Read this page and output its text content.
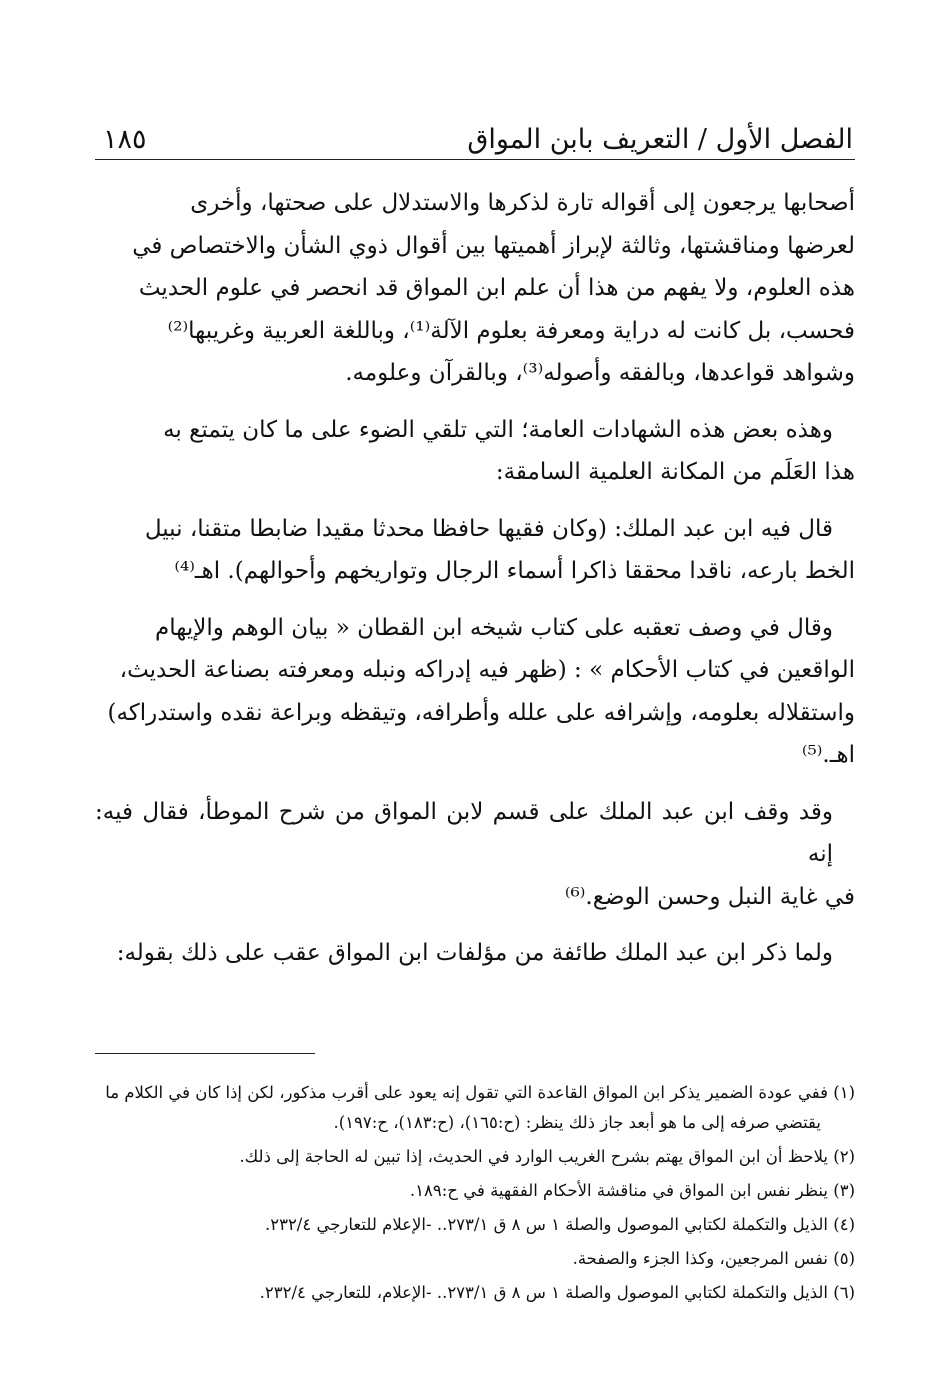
الفصل الأول / التعريف بابن المواق
١٨٥

أصحابها يرجعون إلى أقواله تارة لذكرها والاستدلال على صحتها، وأخرى
لعرضها ومناقشتها، وثالثة لإبراز أهميتها بين أقوال ذوي الشأن والاختصاص في
هذه العلوم، ولا يفهم من هذا أن علم ابن المواق قد انحصر في علوم الحديث
فحسب، بل كانت له دراية ومعرفة بعلوم الآلة⁽¹⁾، وباللغة العربية وغريبها⁽²⁾
وشواهد قواعدها، وبالفقه وأصوله⁽³⁾، وبالقرآن وعلومه.

وهذه بعض هذه الشهادات العامة؛ التي تلقي الضوء على ما كان يتمتع به
هذا العَلَم من المكانة العلمية السامقة:

قال فيه ابن عبد الملك: (وكان فقيها حافظا محدثا مقيدا ضابطا متقنا، نبيل
الخط بارعه، ناقدا محققا ذاكرا أسماء الرجال وتواريخهم وأحوالهم). اهـ⁽⁴⁾

وقال في وصف تعقبه على كتاب شيخه ابن القطان « بيان الوهم والإيهام
الواقعين في كتاب الأحكام » : (ظهر فيه إدراكه ونبله ومعرفته بصناعة الحديث،
واستقلاله بعلومه، وإشرافه على علله وأطرافه، وتيقظه وبراعة نقده واستدراكه)
اهـ.⁽⁵⁾

وقد وقف ابن عبد الملك على قسم لابن المواق من شرح الموطأ، فقال فيه: إنه
في غاية النبل وحسن الوضع.⁽⁶⁾

ولما ذكر ابن عبد الملك طائفة من مؤلفات ابن المواق عقب على ذلك بقوله:

(١) ففي عودة الضمير يذكر ابن المواق القاعدة التي تقول إنه يعود على أقرب مذكور، لكن إذا كان في الكلام ما
يقتضي صرفه إلى ما هو أبعد جاز ذلك ينظر: (ح:١٦٥)، (ح:١٨٣)، ح:١٩٧).

(٢) يلاحظ أن ابن المواق يهتم بشرح الغريب الوارد في الحديث، إذا تبين له الحاجة إلى ذلك.

(٣) ينظر نفس ابن المواق في مناقشة الأحكام الفقهية في ح:١٨٩.

(٤) الذيل والتكملة لكتابي الموصول والصلة ١ س ٨ ق ٢٧٣/١.. -الإعلام للتعارجي ٢٣٢/٤.

(٥) نفس المرجعين، وكذا الجزء والصفحة.

(٦) الذيل والتكملة لكتابي الموصول والصلة ١ س ٨ ق ٢٧٣/١.. -الإعلام، للتعارجي ٢٣٢/٤.
